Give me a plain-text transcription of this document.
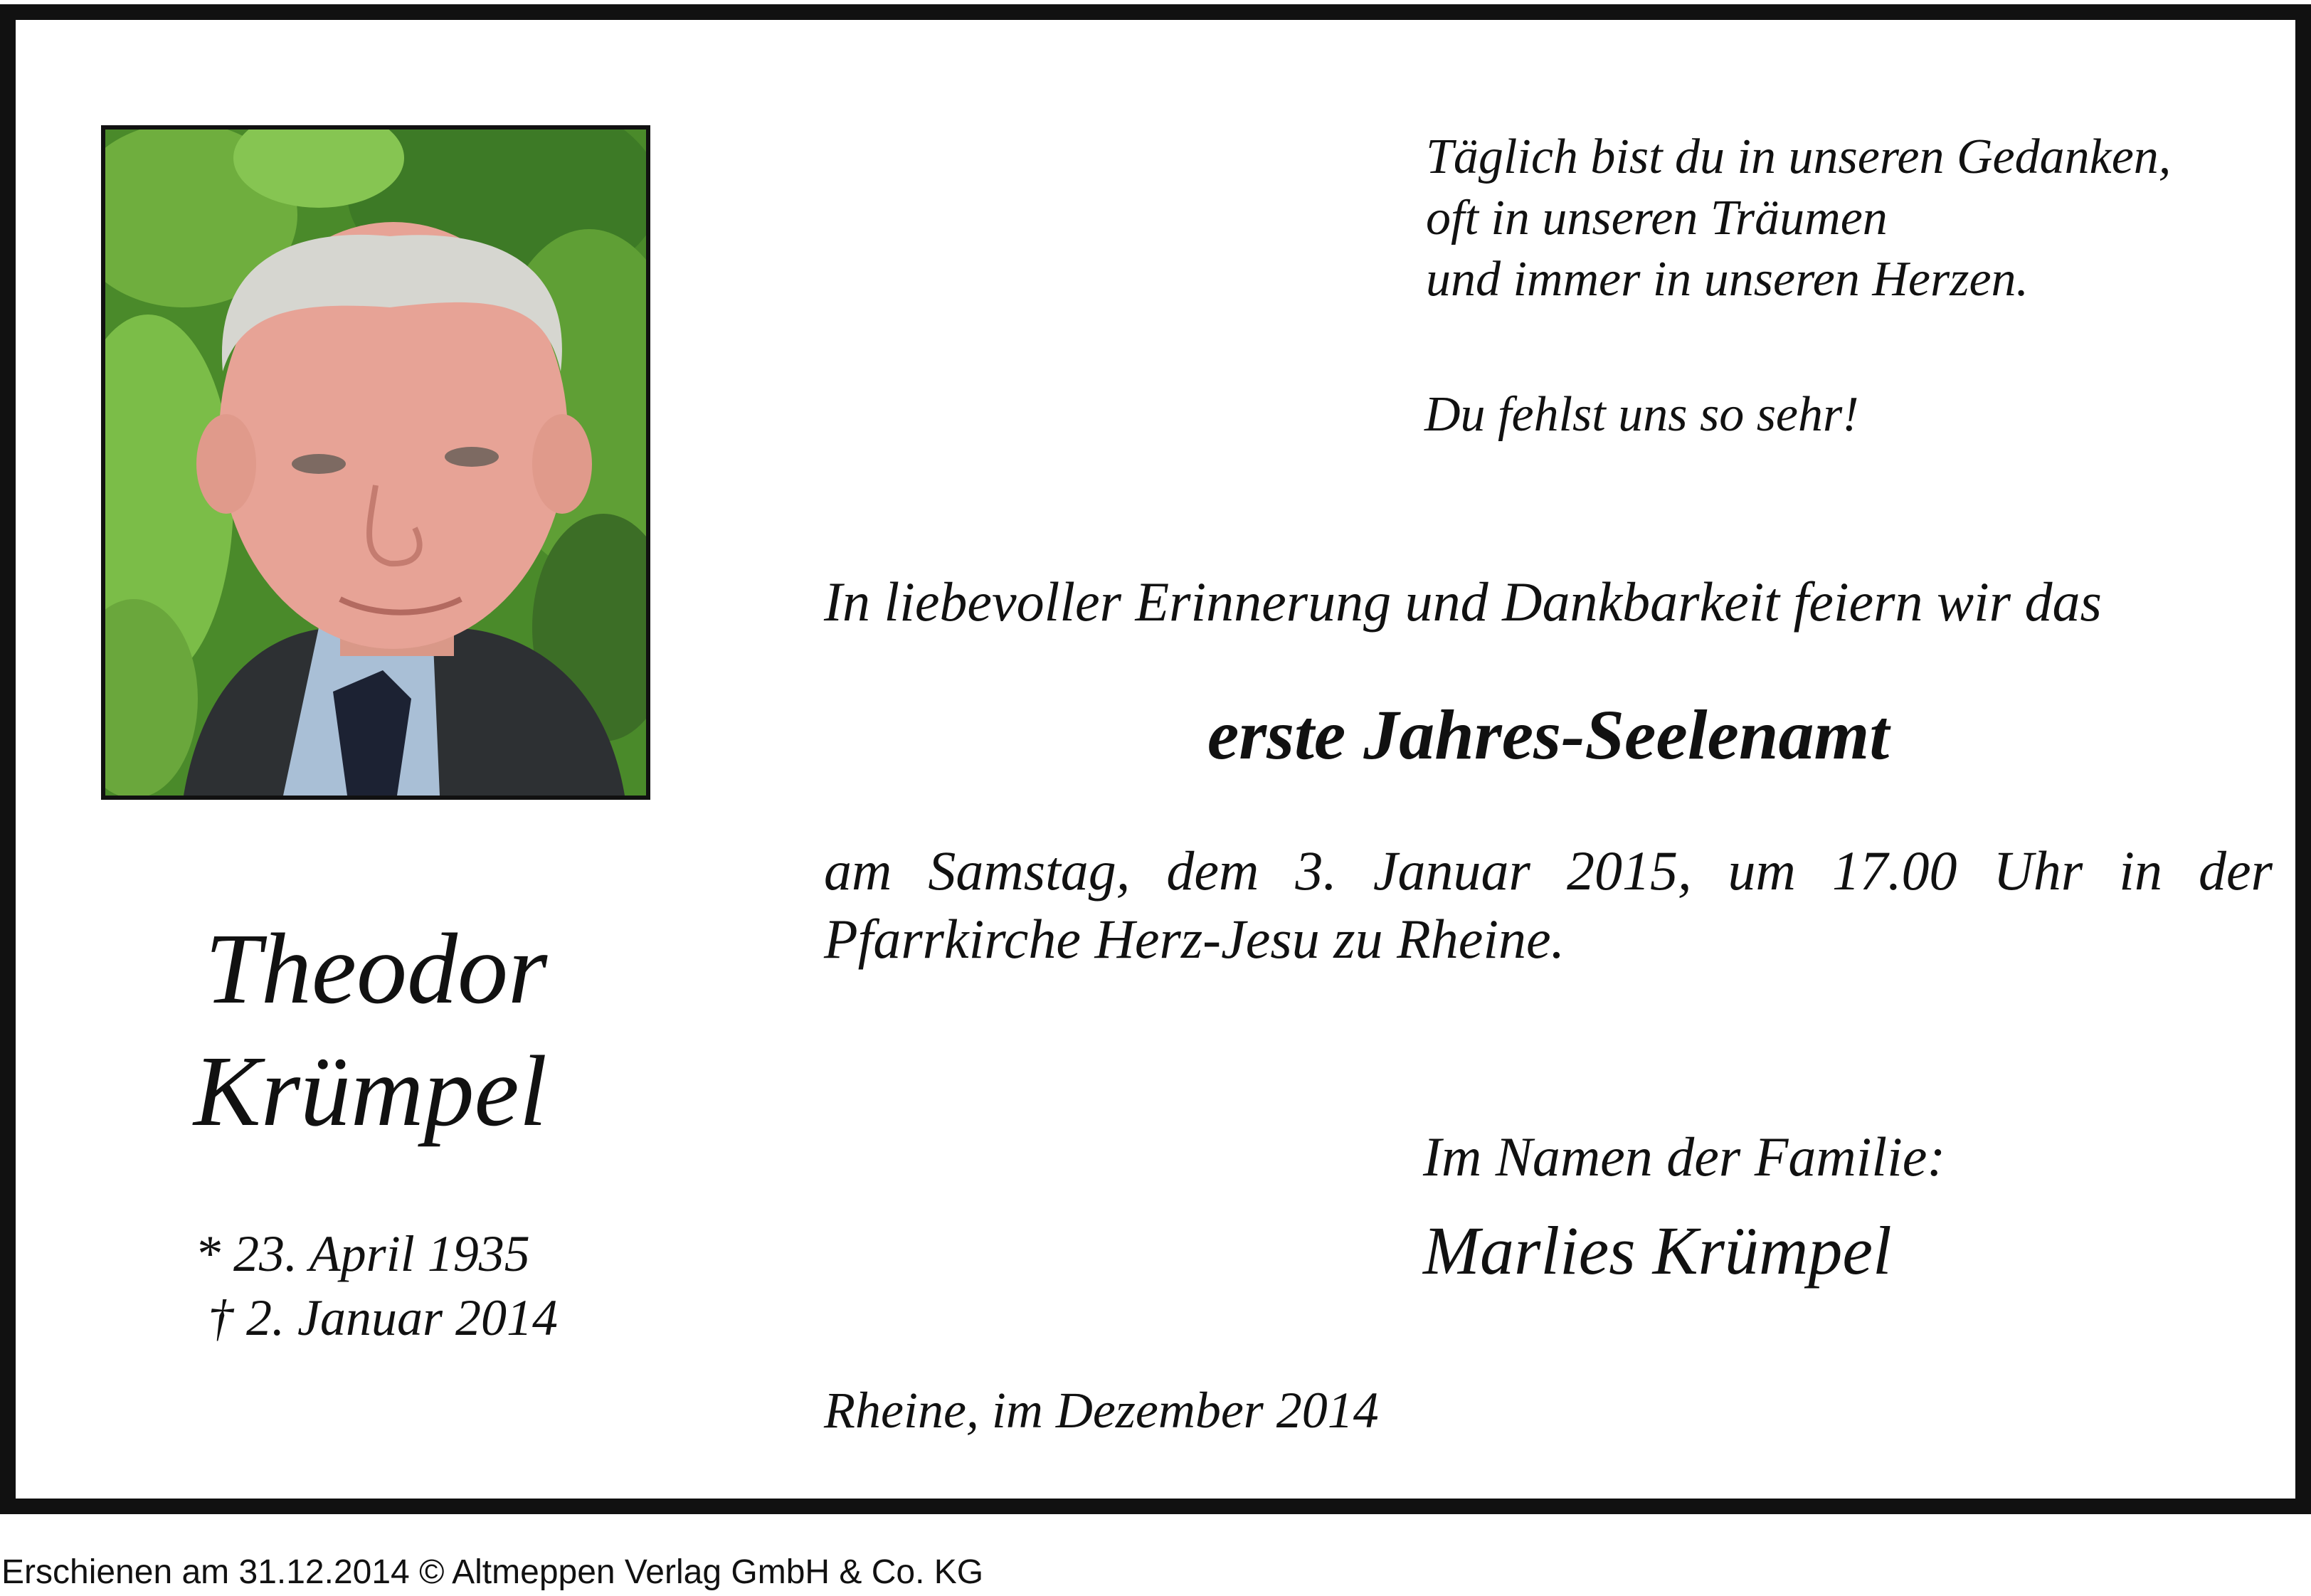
Täglich bist du in unseren Gedanken,
oft in unseren Träumen
und immer in unseren Herzen.

Du fehlst uns so sehr!

In liebevoller Erinnerung und Dankbarkeit feiern wir das

erste Jahres-Seelenamt

am Samstag, dem 3. Januar 2015, um 17.00 Uhr in der
Pfarrkirche Herz-Jesu zu Rheine.

Theodor

Krümpel

* 23. April 1935

† 2. Januar 2014

Im Namen der Familie:

Marlies Krümpel

Rheine, im Dezember 2014

Erschienen am 31.12.2014 © Altmeppen Verlag GmbH & Co. KG
